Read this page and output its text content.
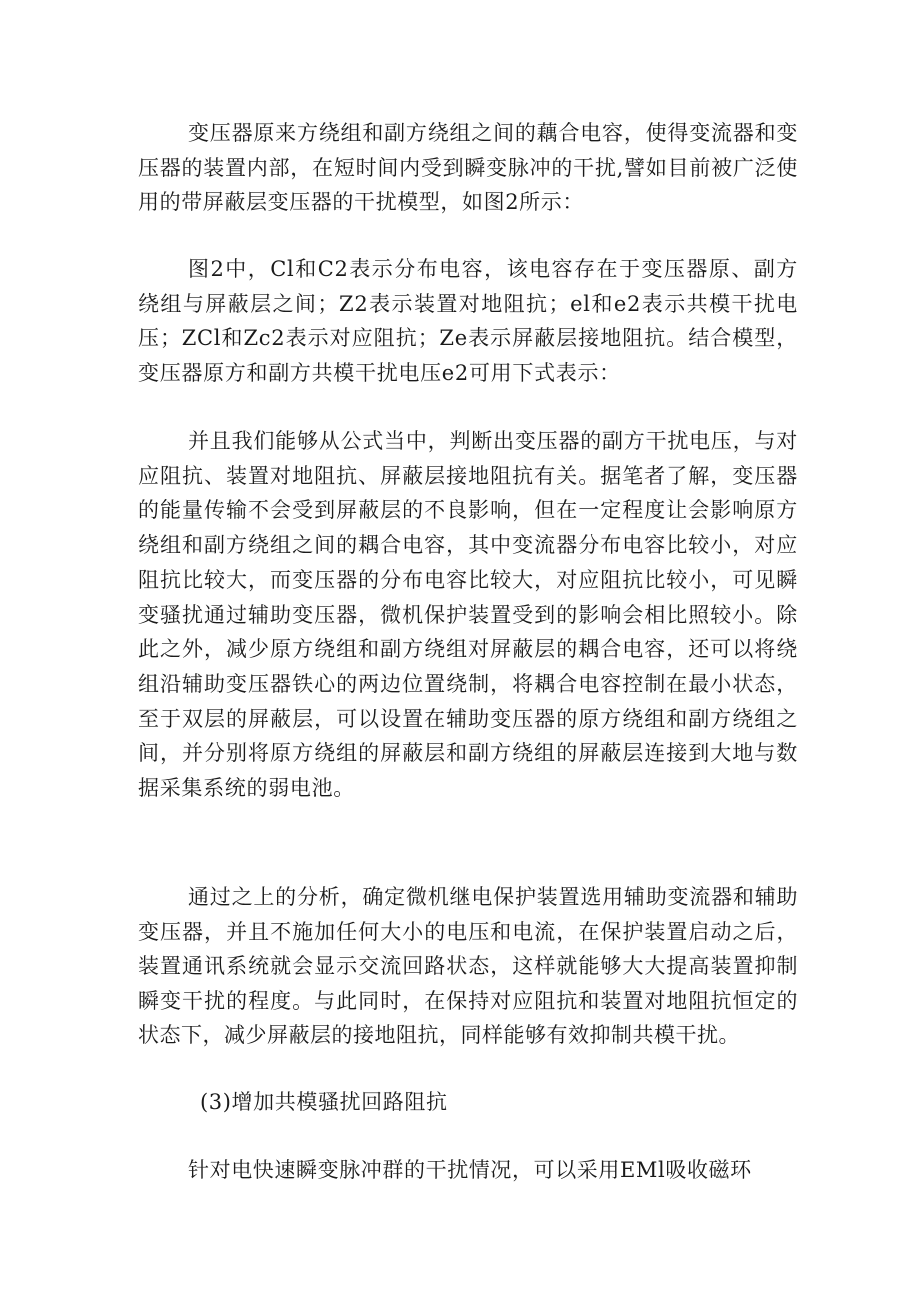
变压器原来方绕组和副方绕组之间的藕合电容，使得变流器和变压器的装置内部，在短时间内受到瞬变脉冲的干扰,譬如目前被广泛使用的带屏蔽层变压器的干扰模型，如图2所示：

图2中，Cl和C2表示分布电容，该电容存在于变压器原、副方绕组与屏蔽层之间；Z2表示装置对地阻抗；el和e2表示共模干扰电压；ZCl和Zc2表示对应阻抗；Ze表示屏蔽层接地阻抗。结合模型，变压器原方和副方共模干扰电压e2可用下式表示：

并且我们能够从公式当中，判断出变压器的副方干扰电压，与对应阻抗、装置对地阻抗、屏蔽层接地阻抗有关。据笔者了解，变压器的能量传输不会受到屏蔽层的不良影响，但在一定程度让会影响原方绕组和副方绕组之间的耦合电容，其中变流器分布电容比较小，对应阻抗比较大，而变压器的分布电容比较大，对应阻抗比较小，可见瞬变骚扰通过辅助变压器，微机保护装置受到的影响会相比照较小。除此之外，减少原方绕组和副方绕组对屏蔽层的耦合电容，还可以将绕组沿辅助变压器铁心的两边位置绕制，将耦合电容控制在最小状态，至于双层的屏蔽层，可以设置在辅助变压器的原方绕组和副方绕组之间，并分别将原方绕组的屏蔽层和副方绕组的屏蔽层连接到大地与数据采集系统的弱电池。

通过之上的分析，确定微机继电保护装置选用辅助变流器和辅助变压器，并且不施加任何大小的电压和电流，在保护装置启动之后，装置通讯系统就会显示交流回路状态，这样就能够大大提高装置抑制瞬变干扰的程度。与此同时，在保持对应阻抗和装置对地阻抗恒定的状态下，减少屏蔽层的接地阻抗，同样能够有效抑制共模干扰。

(3)增加共模骚扰回路阻抗

针对电快速瞬变脉冲群的干扰情况，可以采用EMl吸收磁环
